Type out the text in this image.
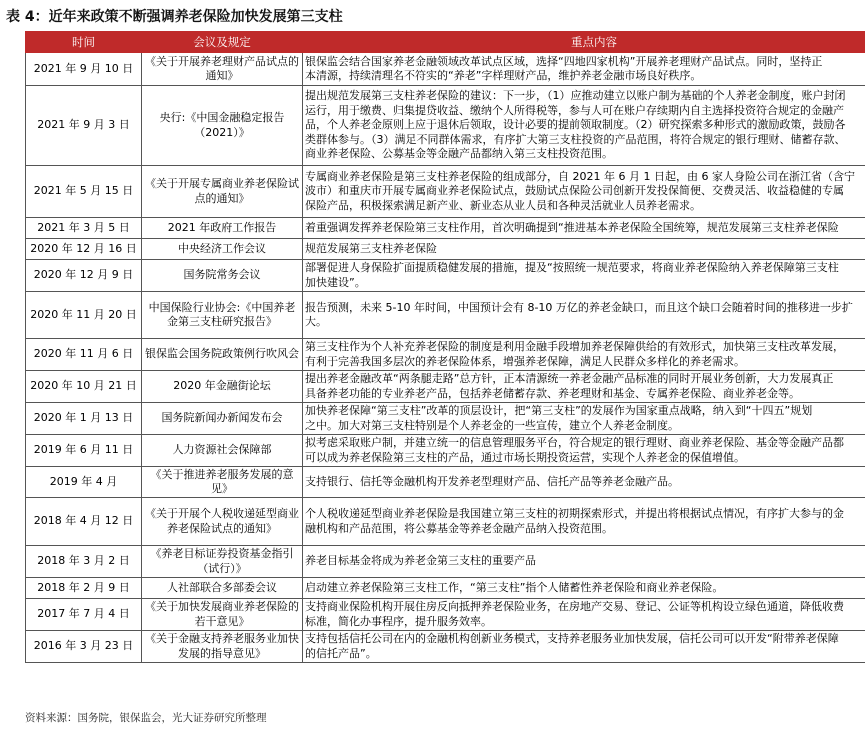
表 4：近年来政策不断强调养老保险加快发展第三支柱
时间	会议及规定	重点内容
2021 年 9 月 10 日	《关于开展养老理财产品试点的通知》	银保监会结合国家养老金融领域改革试点区域，选择“四地四家机构”开展养老理财产品试点。同时，坚持正
本清源，持续清理名不符实的“养老”字样理财产品，维护养老金融市场良好秩序。
2021 年 9 月 3 日	央行:《中国金融稳定报告（2021）》	提出规范发展第三支柱养老保险的建议：下一步，（1）应推动建立以账户制为基础的个人养老金制度，账户封闭
运行，用于缴费、归集提贷收益、缴纳个人所得税等，参与人可在账户存续期内自主选择投资符合规定的金融产
品，个人养老金原则上应于退休后领取，设计必要的提前领取制度。（2）研究探索多种形式的激励政策，鼓励各
类群体参与。（3）满足不同群体需求，有序扩大第三支柱投资的产品范围，将符合规定的银行理财、储蓄存款、
商业养老保险、公募基金等金融产品都纳入第三支柱投资范围。
2021 年 5 月 15 日	《关于开展专属商业养老保险试点的通知》	专属商业养老保险是第三支柱养老保险的组成部分，自 2021 年 6 月 1 日起，由 6 家人身险公司在浙江省（含宁
波市）和重庆市开展专属商业养老保险试点，鼓励试点保险公司创新开发投保简便、交费灵活、收益稳健的专属
保险产品，积极探索满足新产业、新业态从业人员和各种灵活就业人员养老需求。
2021 年 3 月 5 日	2021 年政府工作报告	着重强调发挥养老保险第三支柱作用，首次明确提到“推进基本养老保险全国统筹，规范发展第三支柱养老保险
2020 年 12 月 16 日	中央经济工作会议	规范发展第三支柱养老保险
2020 年 12 月 9 日	国务院常务会议	部署促进人身保险扩面提质稳健发展的措施，提及“按照统一规范要求，将商业养老保险纳入养老保障第三支柱
加快建设”。
2020 年 11 月 20 日	中国保险行业协会:《中国养老金第三支柱研究报告》	报告预测，未来 5-10 年时间，中国预计会有 8-10 万亿的养老金缺口，而且这个缺口会随着时间的推移进一步扩
大。
2020 年 11 月 6 日	银保监会国务院政策例行吹风会	第三支柱作为个人补充养老保险的制度是利用金融手段增加养老保障供给的有效形式，加快第三支柱改革发展，
有利于完善我国多层次的养老保险体系，增强养老保障，满足人民群众多样化的养老需求。
2020 年 10 月 21 日	2020 年金融街论坛	提出养老金融改革“两条腿走路”总方针，正本清源统一养老金融产品标准的同时开展业务创新，大力发展真正
具备养老功能的专业养老产品，包括养老储蓄存款、养老理财和基金、专属养老保险、商业养老金等。
2020 年 1 月 13 日	国务院新闻办新闻发布会	加快养老保障“第三支柱”改革的顶层设计，把“第三支柱”的发展作为国家重点战略，纳入到“十四五”规划
之中。加大对第三支柱特别是个人养老金的一些宣传，建立个人养老金制度。
2019 年 6 月 11 日	人力资源社会保障部	拟考虑采取账户制，并建立统一的信息管理服务平台，符合规定的银行理财、商业养老保险、基金等金融产品都
可以成为养老保险第三支柱的产品，通过市场长期投资运营，实现个人养老金的保值增值。
2019 年 4 月	《关于推进养老服务发展的意见》	支持银行、信托等金融机构开发养老型理财产品、信托产品等养老金融产品。
2018 年 4 月 12 日	《关于开展个人税收递延型商业养老保险试点的通知》	个人税收递延型商业养老保险是我国建立第三支柱的初期探索形式，并提出将根据试点情况，有序扩大参与的金
融机构和产品范围，将公募基金等养老金融产品纳入投资范围。
2018 年 3 月 2 日	《养老目标证券投资基金指引（试行）》	养老目标基金将成为养老金第三支柱的重要产品
2018 年 2 月 9 日	人社部联合多部委会议	启动建立养老保险第三支柱工作，“第三支柱”指个人储蓄性养老保险和商业养老保险。
2017 年 7 月 4 日	《关于加快发展商业养老保险的若干意见》	支持商业保险机构开展住房反向抵押养老保险业务，在房地产交易、登记、公证等机构设立绿色通道，降低收费
标准，简化办事程序，提升服务效率。
2016 年 3 月 23 日	《关于金融支持养老服务业加快发展的指导意见》	支持包括信托公司在内的金融机构创新业务模式，支持养老服务业加快发展，信托公司可以开发“附带养老保障
的信托产品”。
资料来源：国务院，银保监会，光大证券研究所整理
